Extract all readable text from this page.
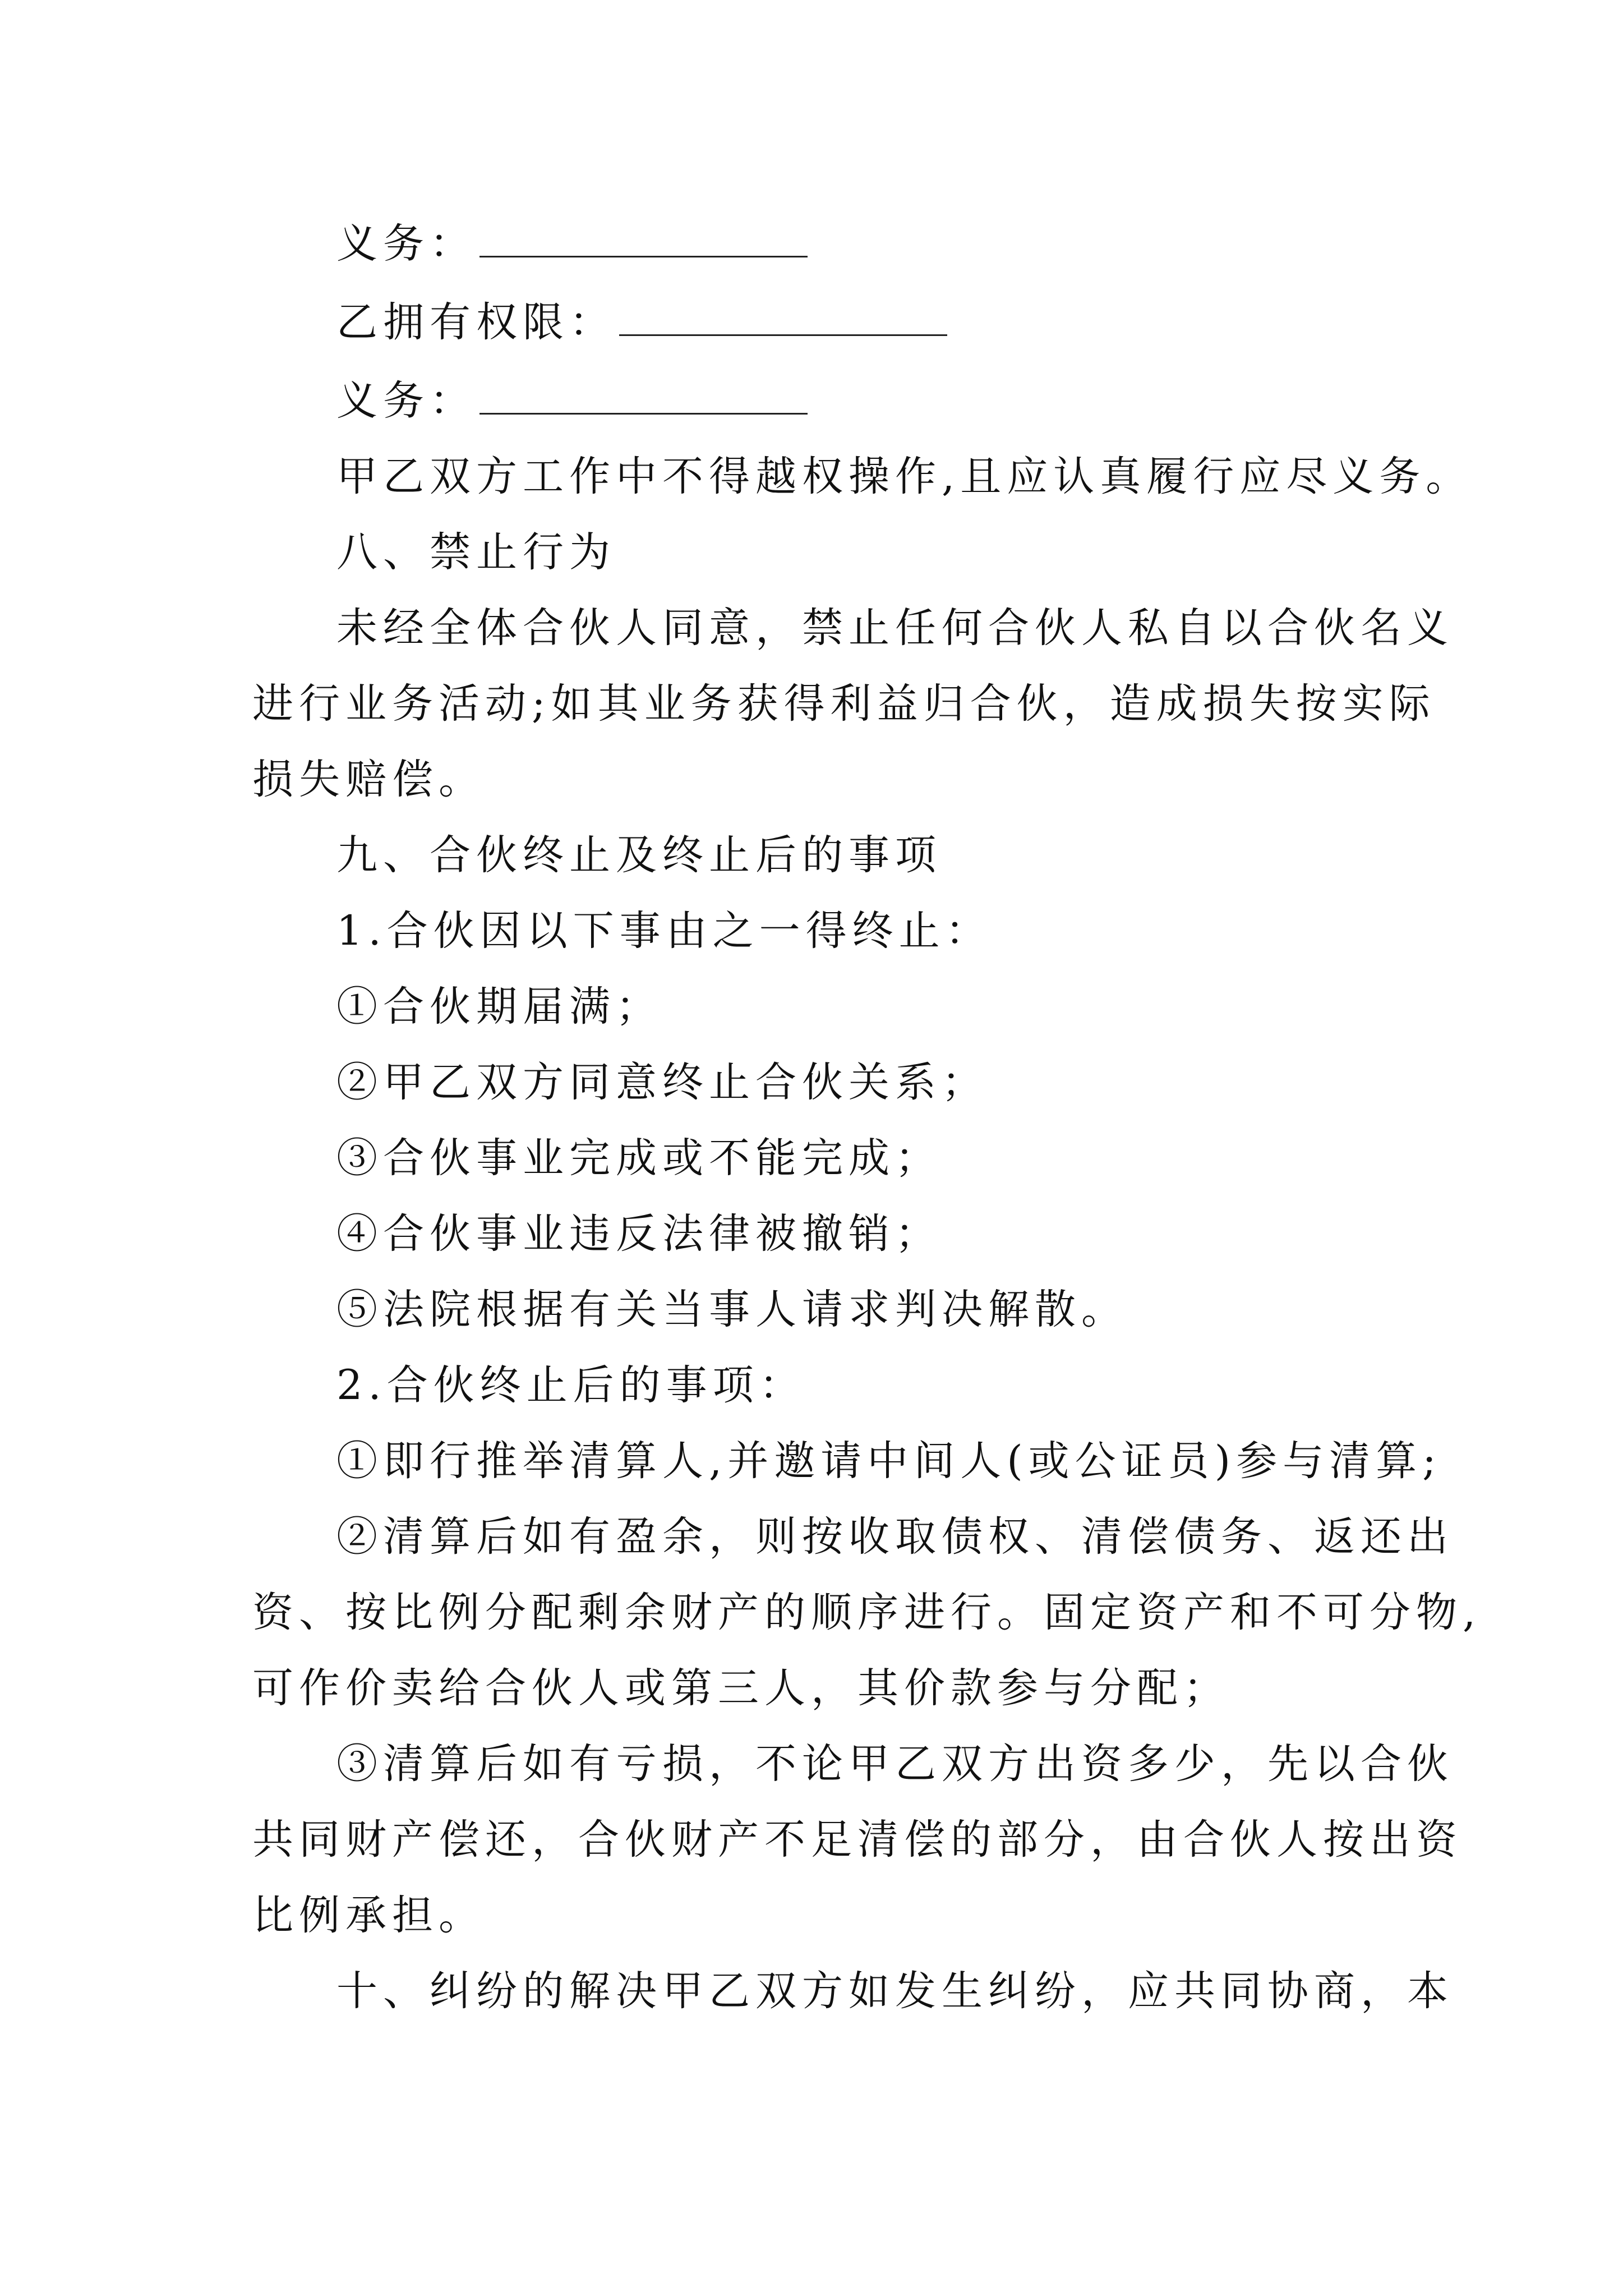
义务：
乙拥有权限：
义务：
甲乙双方工作中不得越权操作,且应认真履行应尽义务。
八、禁止行为
未经全体合伙人同意，禁止任何合伙人私自以合伙名义
进行业务活动;如其业务获得利益归合伙，造成损失按实际
损失赔偿。
九、合伙终止及终止后的事项
1.合伙因以下事由之一得终止：
①合伙期届满；
②甲乙双方同意终止合伙关系；
③合伙事业完成或不能完成；
④合伙事业违反法律被撤销；
⑤法院根据有关当事人请求判决解散。
2.合伙终止后的事项：
①即行推举清算人,并邀请中间人(或公证员)参与清算;
②清算后如有盈余，则按收取债权、清偿债务、返还出
资、按比例分配剩余财产的顺序进行。固定资产和不可分物,
可作价卖给合伙人或第三人，其价款参与分配；
③清算后如有亏损，不论甲乙双方出资多少，先以合伙
共同财产偿还，合伙财产不足清偿的部分，由合伙人按出资
比例承担。
十、纠纷的解决甲乙双方如发生纠纷，应共同协商，本
